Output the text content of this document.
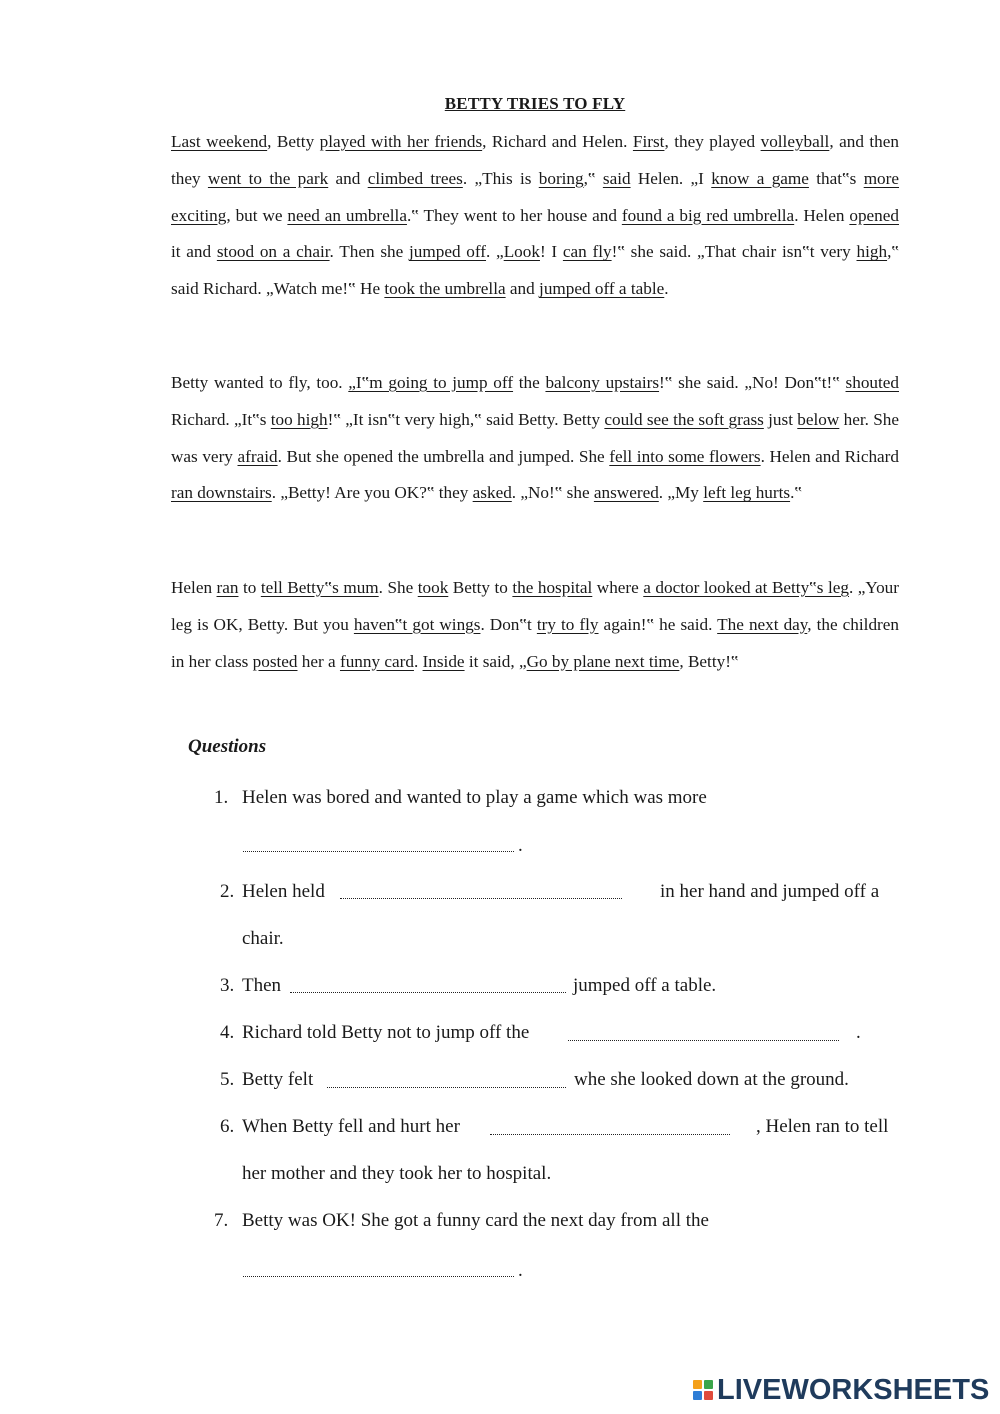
BETTY TRIES TO FLY
Last weekend, Betty played with her friends, Richard and Helen. First, they played volleyball, and then they went to the park and climbed trees. „This is boring,‟ said Helen. „I know a game that‟s more exciting, but we need an umbrella.‟ They went to her house and found a big red umbrella. Helen opened it and stood on a chair. Then she jumped off. „Look! I can fly!‟ she said. „That chair isn‟t very high,‟ said Richard. „Watch me!‟ He took the umbrella and jumped off a table.
Betty wanted to fly, too. „I‟m going to jump off the balcony upstairs!‟ she said. „No! Don‟t!‟ shouted Richard. „It‟s too high!‟ „It isn‟t very high,‟ said Betty. Betty could see the soft grass just below her. She was very afraid. But she opened the umbrella and jumped. She fell into some flowers. Helen and Richard ran downstairs. „Betty! Are you OK?‟ they asked. „No!‟ she answered. „My left leg hurts.‟
Helen ran to tell Betty‟s mum. She took Betty to the hospital where a doctor looked at Betty‟s leg. „Your leg is OK, Betty. But you haven‟t got wings. Don‟t try to fly again!‟ he said. The next day, the children in her class posted her a funny card. Inside it said, „Go by plane next time, Betty!‟
Questions
1. Helen was bored and wanted to play a game which was more
.
2. Helen held	in her hand and jumped off a
chair.
3. Then	jumped off a table.
4. Richard told Betty not to jump off the	.
5. Betty felt	whe she looked down at the ground.
6. When Betty fell and hurt her	, Helen ran to tell
her mother and they took her to hospital.
7. Betty was OK! She got a funny card the next day from all the
.
LIVEWORKSHEETS
